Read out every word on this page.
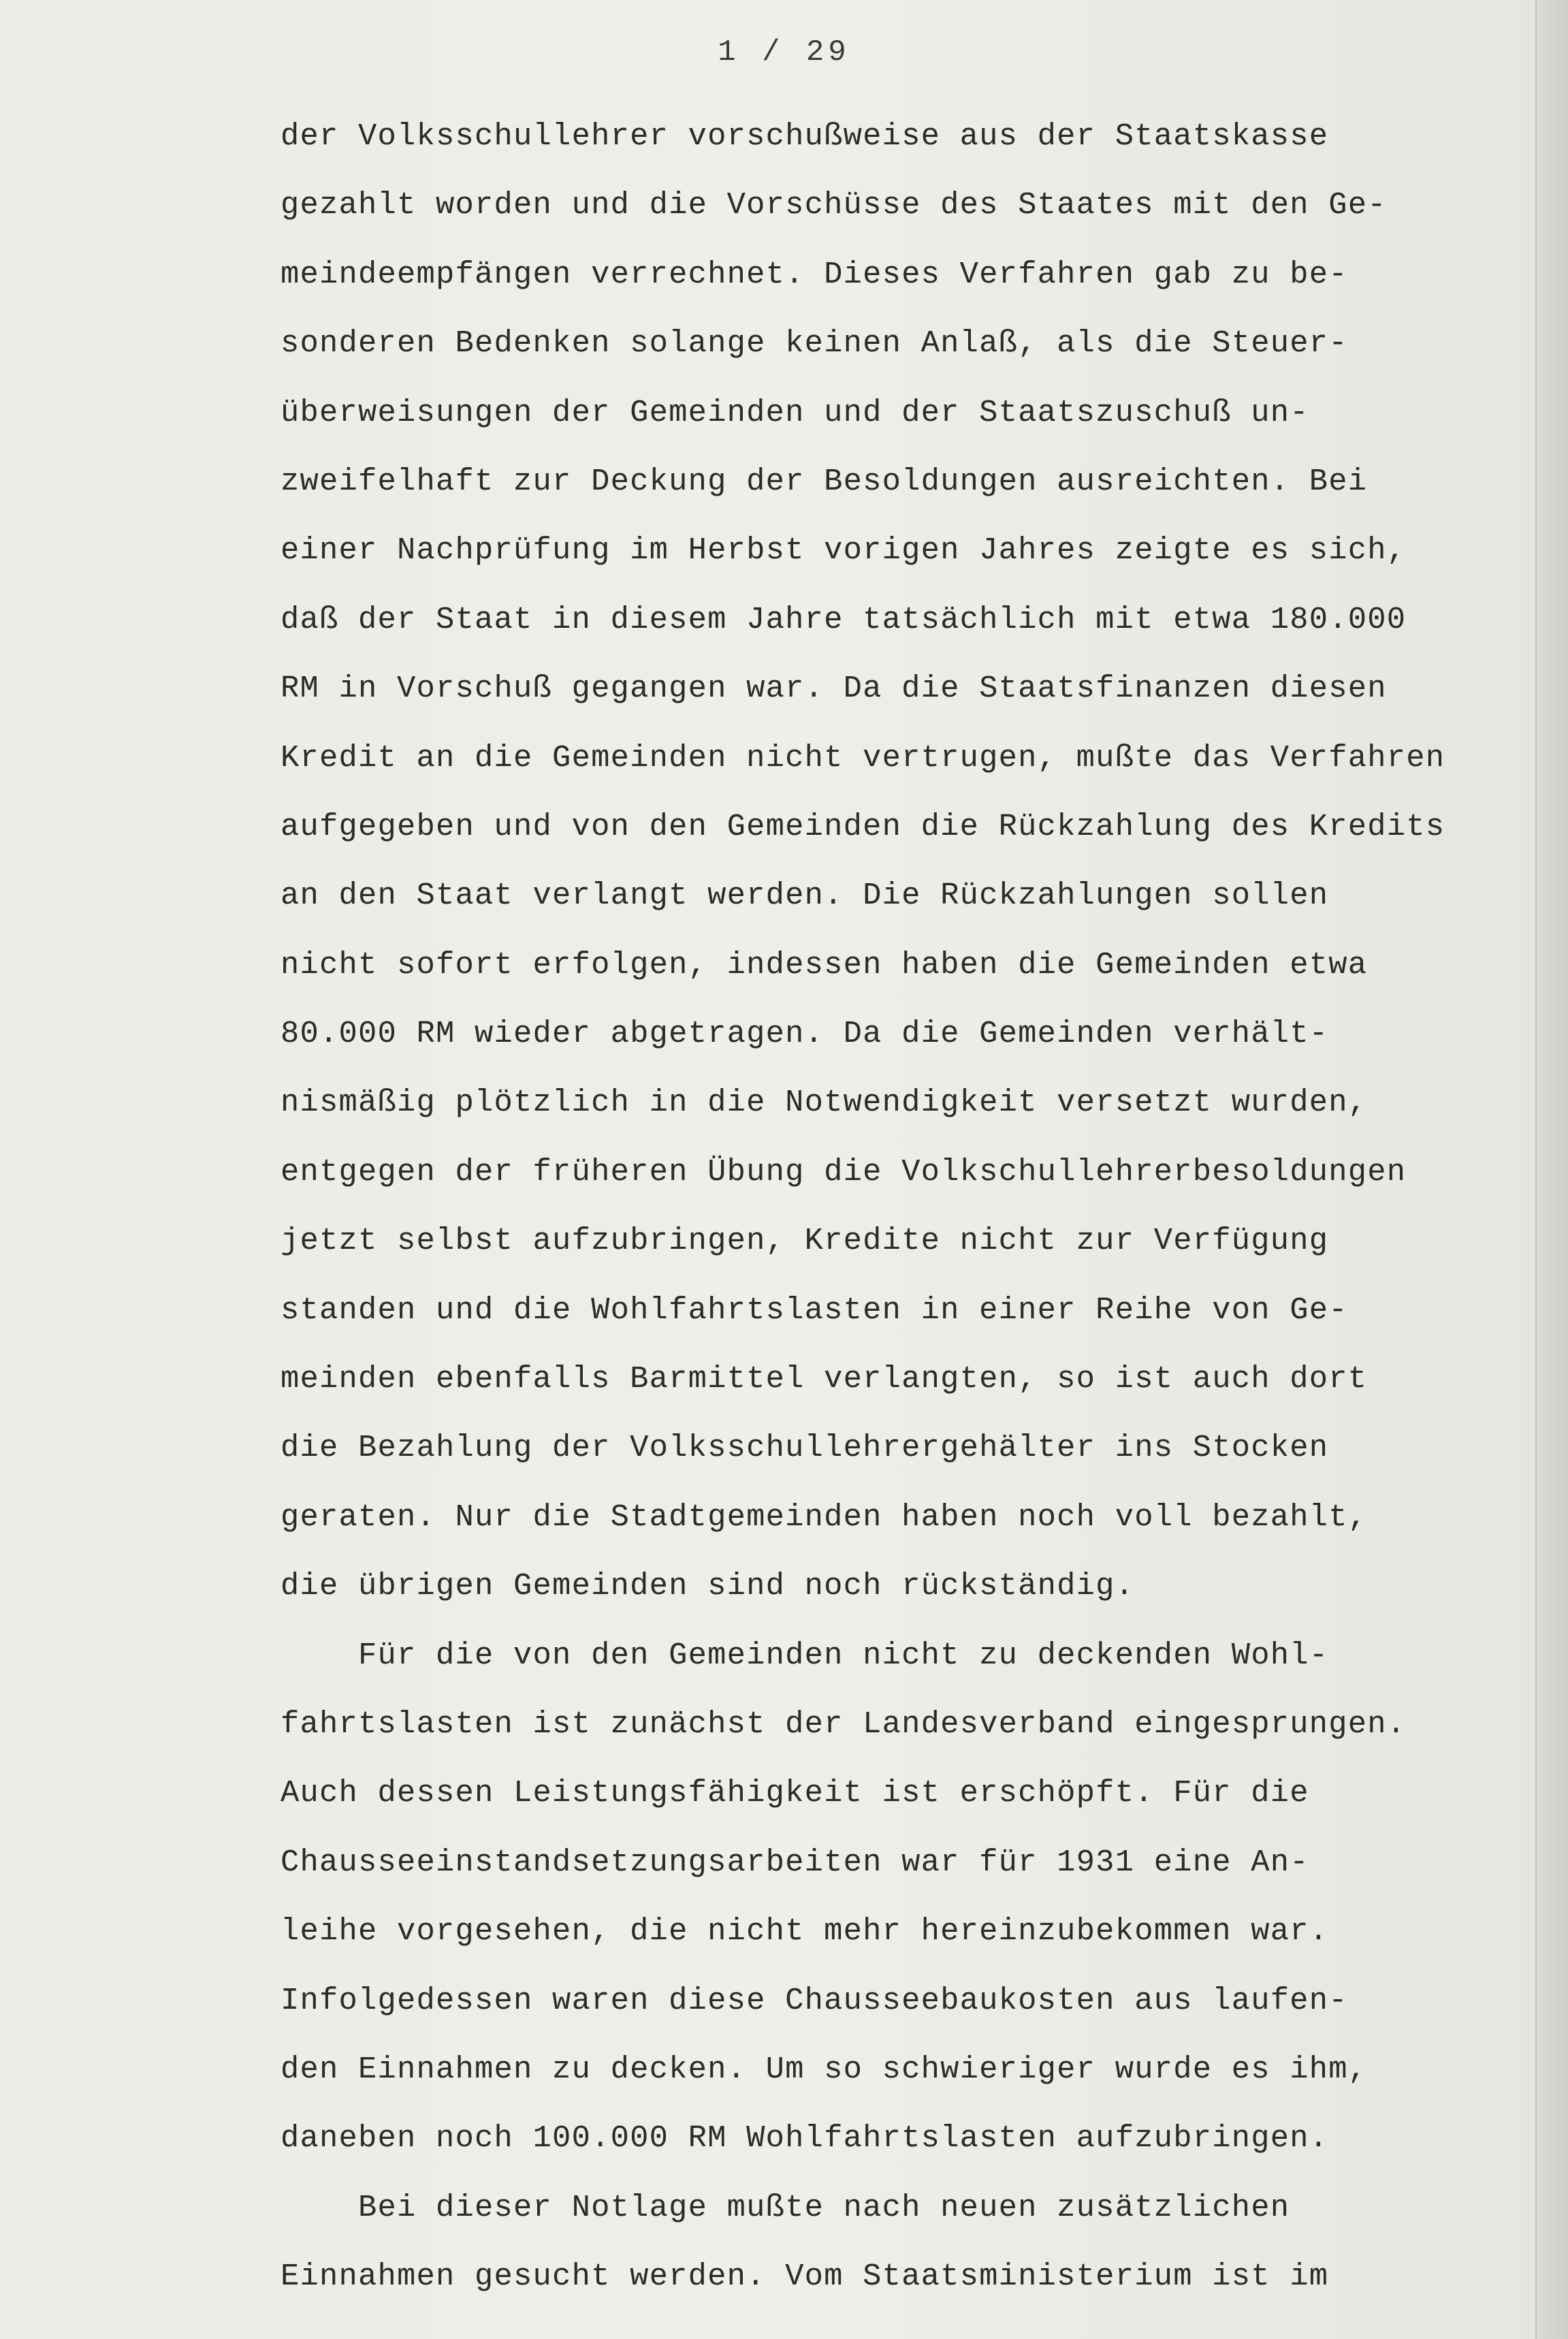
1 / 29
der Volksschullehrer vorschußweise aus der Staatskasse
gezahlt worden und die Vorschüsse des Staates mit den Ge-
meindeempfängen verrechnet. Dieses Verfahren gab zu be-
sonderen Bedenken solange keinen Anlaß, als die Steuer-
überweisungen der Gemeinden und der Staatszuschuß un-
zweifelhaft zur Deckung der Besoldungen ausreichten. Bei
einer Nachprüfung im Herbst vorigen Jahres zeigte es sich,
daß der Staat in diesem Jahre tatsächlich mit etwa 180.000
RM in Vorschuß gegangen war. Da die Staatsfinanzen diesen
Kredit an die Gemeinden nicht vertrugen, mußte das Verfahren
aufgegeben und von den Gemeinden die Rückzahlung des Kredits
an den Staat verlangt werden. Die Rückzahlungen sollen
nicht sofort erfolgen, indessen haben die Gemeinden etwa
80.000 RM wieder abgetragen. Da die Gemeinden verhält-
nismäßig plötzlich in die Notwendigkeit versetzt wurden,
entgegen der früheren Übung die Volkschullehrerbesoldungen
jetzt selbst aufzubringen, Kredite nicht zur Verfügung
standen und die Wohlfahrtslasten in einer Reihe von Ge-
meinden ebenfalls Barmittel verlangten, so ist auch dort
die Bezahlung der Volksschullehrergehälter ins Stocken
geraten. Nur die Stadtgemeinden haben noch voll bezahlt,
die übrigen Gemeinden sind noch rückständig.
Für die von den Gemeinden nicht zu deckenden Wohl-
fahrtslasten ist zunächst der Landesverband eingesprungen.
Auch dessen Leistungsfähigkeit ist erschöpft. Für die
Chausseeinstandsetzungsarbeiten war für 1931 eine An-
leihe vorgesehen, die nicht mehr hereinzubekommen war.
Infolgedessen waren diese Chausseebaukosten aus laufen-
den Einnahmen zu decken. Um so schwieriger wurde es ihm,
daneben noch 100.000 RM Wohlfahrtslasten aufzubringen.
Bei dieser Notlage mußte nach neuen zusätzlichen
Einnahmen gesucht werden. Vom Staatsministerium ist im
